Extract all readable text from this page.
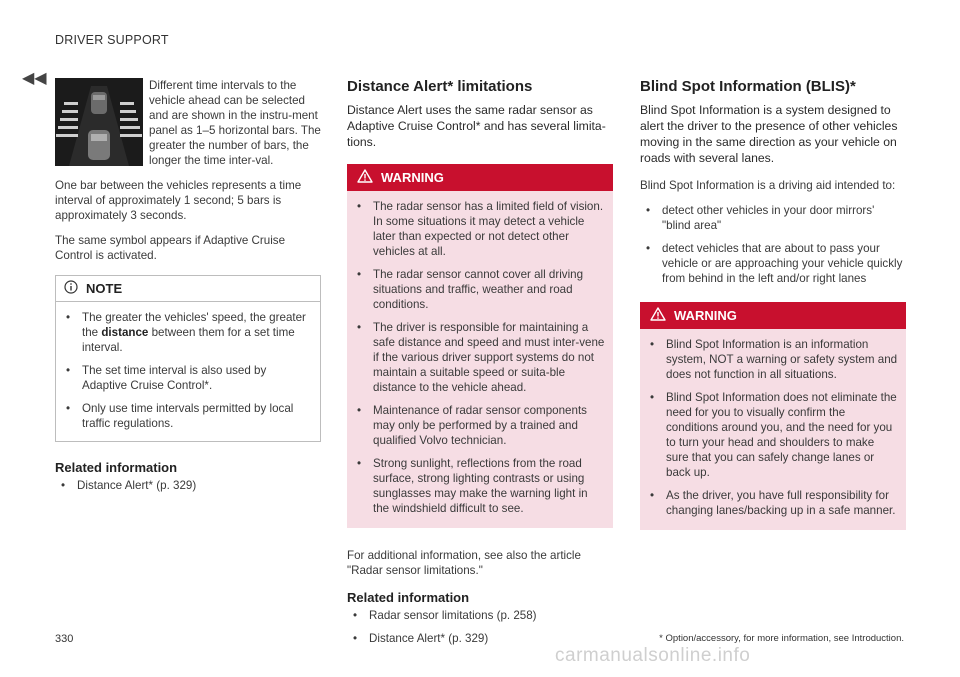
◀◀
DRIVER SUPPORT
Different time intervals to the vehicle ahead can be selected and are shown in the instru-ment panel as 1–5 horizontal bars. The greater the number of bars, the longer the time inter-val.

One bar between the vehicles represents a time interval of approximately 1 second; 5 bars is approximately 3 seconds.

The same symbol appears if Adaptive Cruise Control is activated.

NOTE
• The greater the vehicles' speed, the greater the distance between them for a set time interval.
• The set time interval is also used by Adaptive Cruise Control*.
• Only use time intervals permitted by local traffic regulations.
Related information
• Distance Alert* (p. 329)
Distance Alert* limitations
Distance Alert uses the same radar sensor as Adaptive Cruise Control* and has several limita-tions.
WARNING
• The radar sensor has a limited field of vision. In some situations it may detect a vehicle later than expected or not detect other vehicles at all.
• The radar sensor cannot cover all driving situations and traffic, weather and road conditions.
• The driver is responsible for maintaining a safe distance and speed and must inter-vene if the various driver support systems do not maintain a suitable speed or suita-ble distance to the vehicle ahead.
• Maintenance of radar sensor components may only be performed by a trained and qualified Volvo technician.
• Strong sunlight, reflections from the road surface, strong lighting contrasts or using sunglasses may make the warning light in the windshield difficult to see.

For additional information, see also the article "Radar sensor limitations."

Related information
• Radar sensor limitations (p. 258)
• Distance Alert* (p. 329)
Blind Spot Information (BLIS)*
Blind Spot Information is a system designed to alert the driver to the presence of other vehicles moving in the same direction as your vehicle on roads with several lanes.

Blind Spot Information is a driving aid intended to:

• detect other vehicles in your door mirrors' "blind area"
• detect vehicles that are about to pass your vehicle or are approaching your vehicle quickly from behind in the left and/or right lanes
WARNING
• Blind Spot Information is an information system, NOT a warning or safety system and does not function in all situations.
• Blind Spot Information does not eliminate the need for you to visually confirm the conditions around you, and the need for you to turn your head and shoulders to make sure that you can safely change lanes or back up.
• As the driver, you have full responsibility for changing lanes/backing up in a safe manner.
330	* Option/accessory, for more information, see Introduction.
carmanualsonline.info
